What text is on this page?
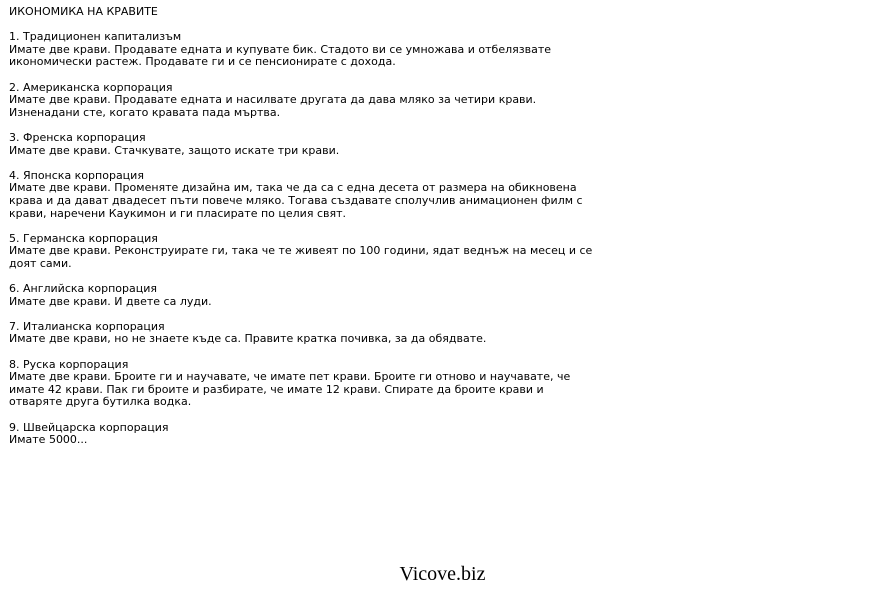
ИКОНОМИКА НА КРАВИТЕ
1. Традиционен капитализъм
Имате две крави. Продавате едната и купувате бик. Стадото ви се умножава и отбелязвате
икономически растеж. Продавате ги и се пенсионирате с дохода.
2. Американска корпорация
Имате две крави. Продавате едната и насилвате другата да дава мляко за четири крави.
Изненадани сте, когато кравата пада мъртва.
3. Френска корпорация
Имате две крави. Стачкувате, защото искате три крави.
4. Японска корпорация
Имате две крави. Променяте дизайна им, така че да са с една десета от размера на обикновена
крава и да дават двадесет пъти повече мляко. Тогава създавате сполучлив анимационен филм с
крави, наречени Каукимон и ги пласирате по целия свят.
5. Германска корпорация
Имате две крави. Реконструирате ги, така че те живеят по 100 години, ядат веднъж на месец и се
доят сами.
6. Английска корпорация
Имате две крави. И двете са луди.
7. Италианска корпорация
Имате две крави, но не знаете къде са. Правите кратка почивка, за да обядвате.
8. Руска корпорация
Имате две крави. Броите ги и научавате, че имате пет крави. Броите ги отново и научавате, че
имате 42 крави. Пак ги броите и разбирате, че имате 12 крави. Спирате да броите крави и
отваряте друга бутилка водка.
9. Швейцарска корпорация
Имате 5000...
Vicove.biz
